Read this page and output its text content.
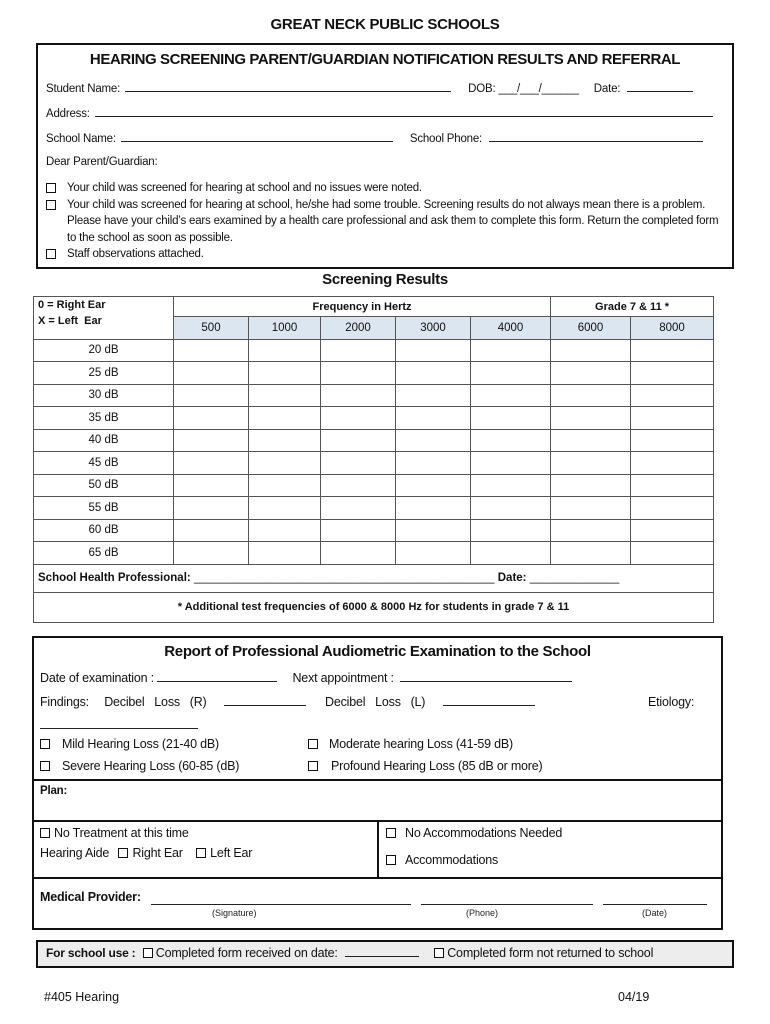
GREAT NECK PUBLIC SCHOOLS
HEARING SCREENING PARENT/GUARDIAN NOTIFICATION RESULTS AND REFERRAL
Student Name:	DOB: ___/___/______ Date:
Address:
School Name:	School Phone:
Dear Parent/Guardian:
Your child was screened for hearing at school and no issues were noted.
Your child was screened for hearing at school, he/she had some trouble. Screening results do not always mean there is a problem. Please have your child’s ears examined by a health care professional and ask them to complete this form. Return the completed form to the school as soon as possible.
Staff observations attached.
Screening Results
0 = Right Ear
X = Left  Ear	Frequency in Hertz					Grade 7 & 11 *	
	500	1000	2000	3000	4000	6000	8000
20 dB							
25 dB							
30 dB							
35 dB							
40 dB							
45 dB							
50 dB							
55 dB							
60 dB							
65 dB							
School Health Professional: _______________________________________________ Date: ______________							
* Additional test frequencies of 6000 & 8000 Hz for students in grade 7 & 11							
Report of Professional Audiometric Examination to the School
Date of examination :	Next appointment :
Findings: Decibel   Loss   (R)	Decibel   Loss   (L)	Etiology:
Mild Hearing Loss (21-40 dB)	Moderate hearing Loss (41-59 dB)
Severe Hearing Loss (60-85 (dB)	Profound Hearing Loss (85 dB or more)
Plan:
No Treatment at this time
Hearing Aide Right Ear Left Ear
No Accommodations Needed
Accommodations
Medical Provider:
(Signature)	(Phone)	(Date)
For school use : Completed form received on date:	Completed form not returned to school
#405 Hearing	04/19
